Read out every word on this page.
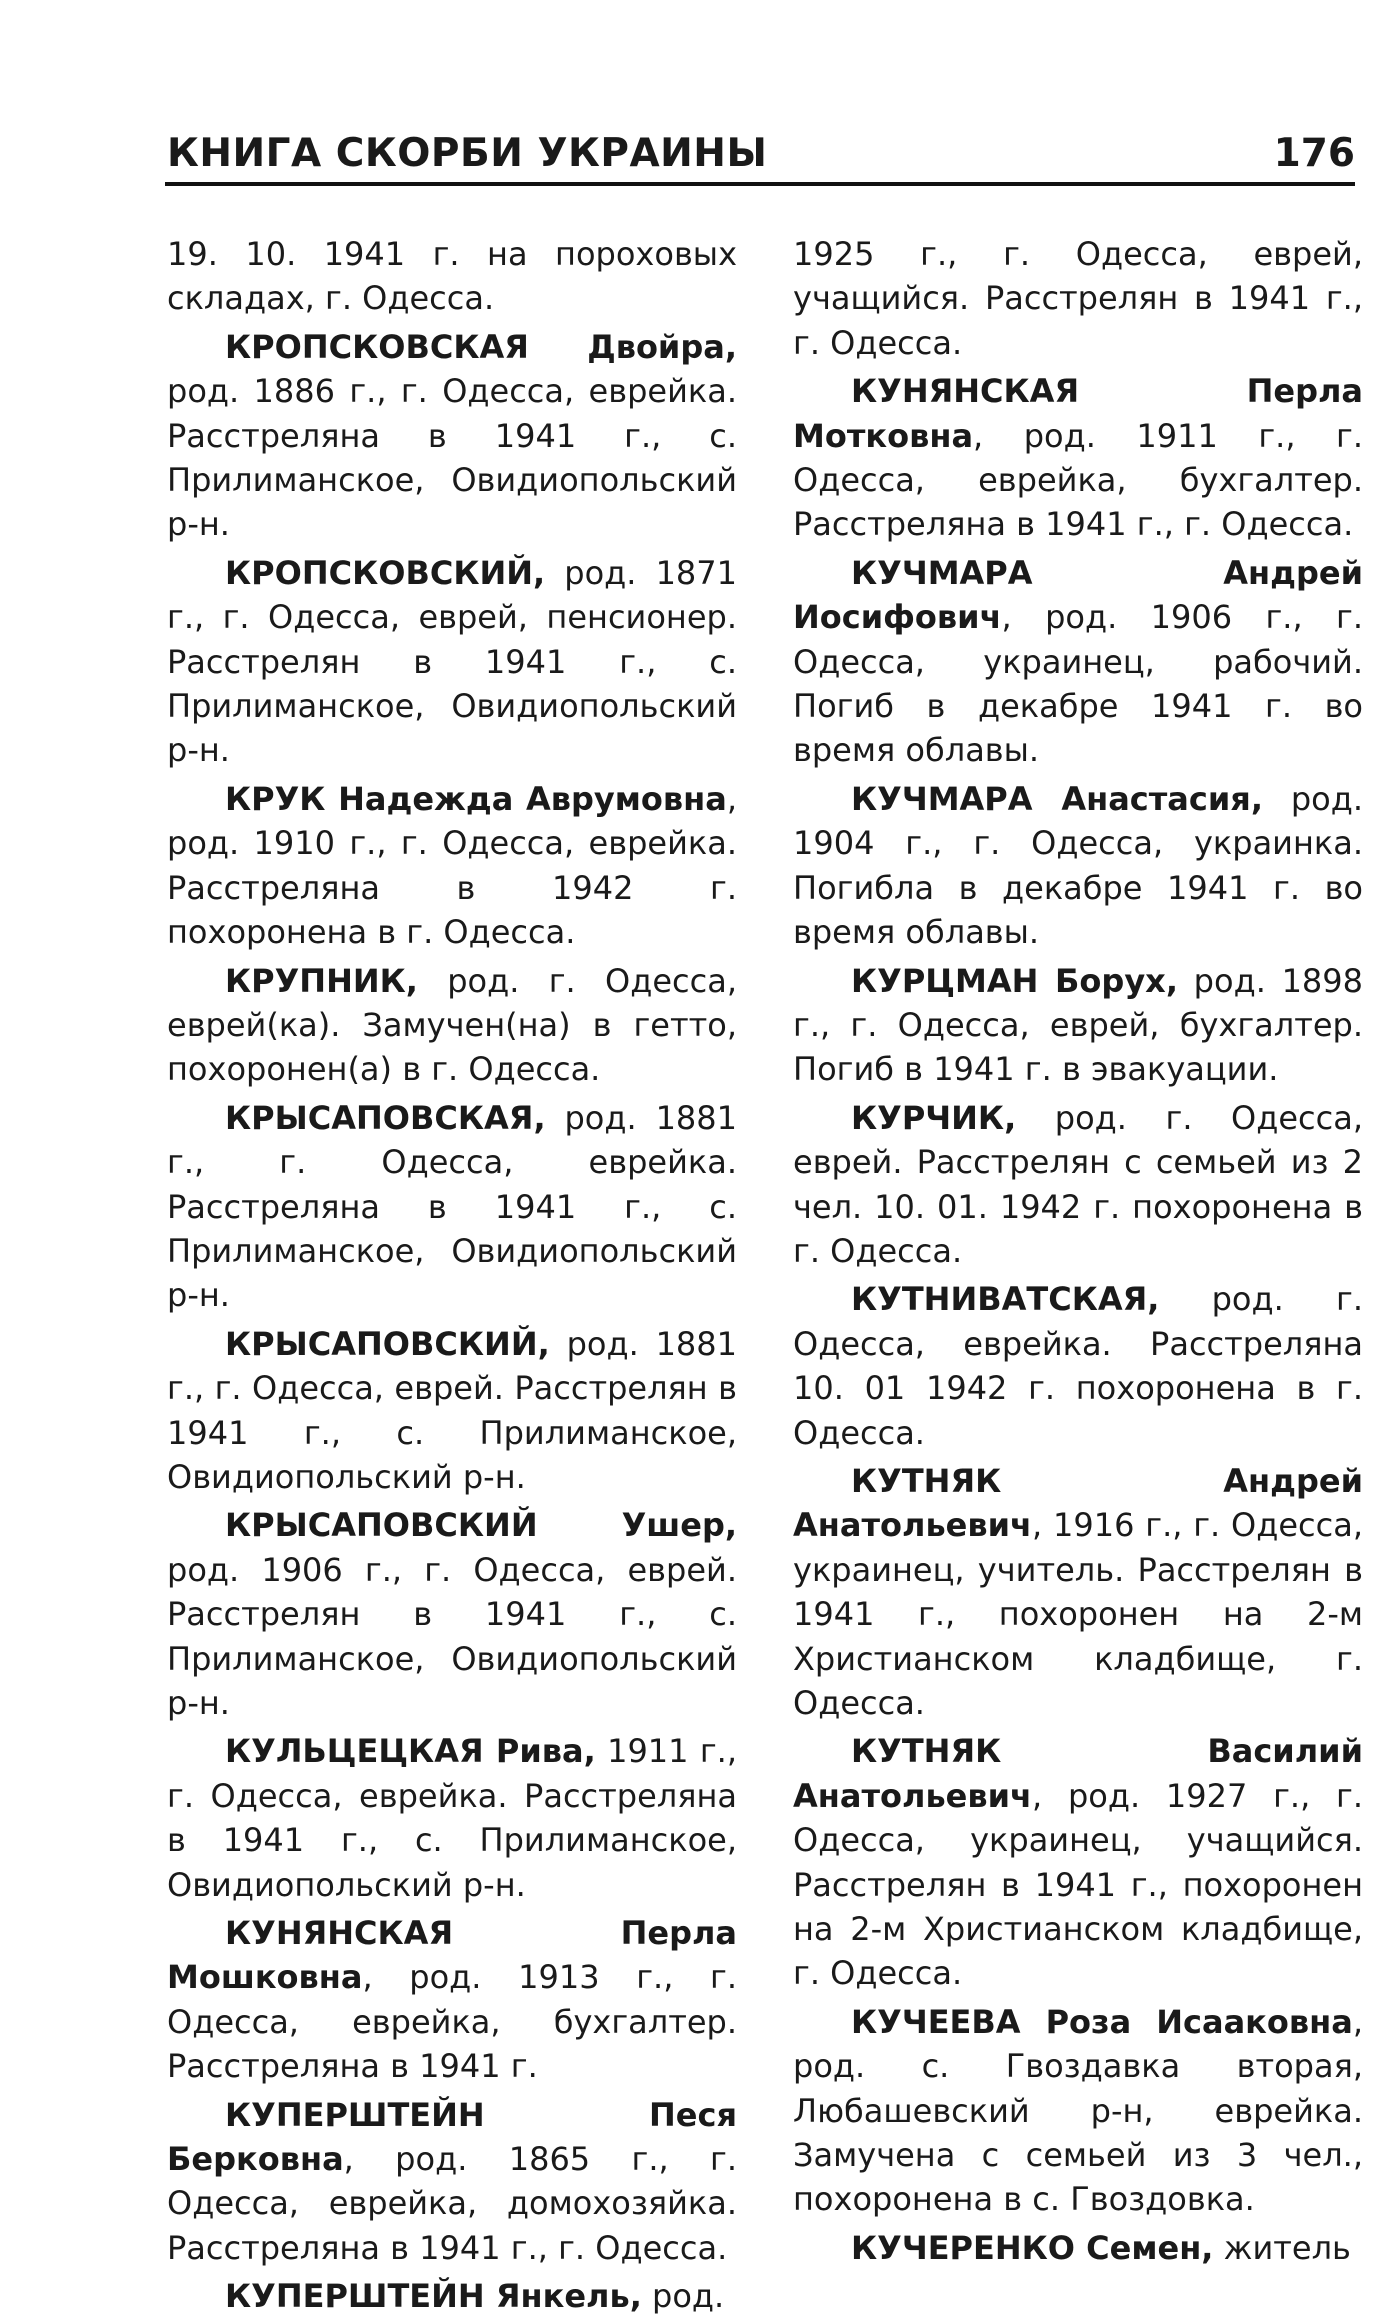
КНИГА СКОРБИ УКРАИНЫ	176

19. 10. 1941 г. на пороховых складах, г. Одесса.

КРОПСКОВСКАЯ Двойра, род. 1886 г., г. Одесса, еврейка. Расстреляна в 1941 г., с. Прилиманское, Овидиопольский р-н.

КРОПСКОВСКИЙ, род. 1871 г., г. Одесса, еврей, пенсионер. Расстрелян в 1941 г., с. Прилиманское, Овидиопольский р-н.

КРУК Надежда Аврумовна, род. 1910 г., г. Одесса, еврейка. Расстреляна в 1942 г. похоронена в г. Одесса.

КРУПНИК, род. г. Одесса, еврей(ка). Замучен(на) в гетто, похоронен(а) в г. Одесса.

КРЫСАПОВСКАЯ, род. 1881 г., г. Одесса, еврейка. Расстреляна в 1941 г., с. Прилиманское, Овидиопольский р-н.

КРЫСАПОВСКИЙ, род. 1881 г., г. Одесса, еврей. Расстрелян в 1941 г., с. Прилиманское, Овидиопольский р-н.

КРЫСАПОВСКИЙ Ушер, род. 1906 г., г. Одесса, еврей. Расстрелян в 1941 г., с. Прилиманское, Овидиопольский р-н.

КУЛЬЦЕЦКАЯ Рива, 1911 г., г. Одесса, еврейка. Расстреляна в 1941 г., с. Прилиманское, Овидиопольский р-н.

КУНЯНСКАЯ Перла Мошковна, род. 1913 г., г. Одесса, еврейка, бухгалтер. Расстреляна в 1941 г.

КУПЕРШТЕЙН Песя Берковна, род. 1865 г., г. Одесса, еврейка, домохозяйка. Расстреляна в 1941 г., г. Одесса.

КУПЕРШТЕЙН Янкель, род.

1925 г., г. Одесса, еврей, учащийся. Расстрелян в 1941 г., г. Одесса.

КУНЯНСКАЯ Перла Мотковна, род. 1911 г., г. Одесса, еврейка, бухгалтер. Расстреляна в 1941 г., г. Одесса.

КУЧМАРА Андрей Иосифович, род. 1906 г., г. Одесса, украинец, рабочий. Погиб в декабре 1941 г. во время облавы.

КУЧМАРА Анастасия, род. 1904 г., г. Одесса, украинка. Погибла в декабре 1941 г. во время облавы.

КУРЦМАН Борух, род. 1898 г., г. Одесса, еврей, бухгалтер. Погиб в 1941 г. в эвакуации.

КУРЧИК, род. г. Одесса, еврей. Расстрелян с семьей из 2 чел. 10. 01. 1942 г. похоронена в г. Одесса.

КУТНИВАТСКАЯ, род. г. Одесса, еврейка. Расстреляна 10. 01 1942 г. похоронена в г. Одесса.

КУТНЯК Андрей Анатольевич, 1916 г., г. Одесса, украинец, учитель. Расстрелян в 1941 г., похоронен на 2-м Христианском кладбище, г. Одесса.

КУТНЯК Василий Анатольевич, род. 1927 г., г. Одесса, украинец, учащийся. Расстрелян в 1941 г., похоронен на 2-м Христианском кладбище, г. Одесса.

КУЧЕЕВА Роза Исааковна, род. с. Гвоздавка вторая, Любашевский р-н, еврейка. Замучена с семьей из 3 чел., похоронена в с. Гвоздовка.

КУЧЕРЕНКО Семен, житель
